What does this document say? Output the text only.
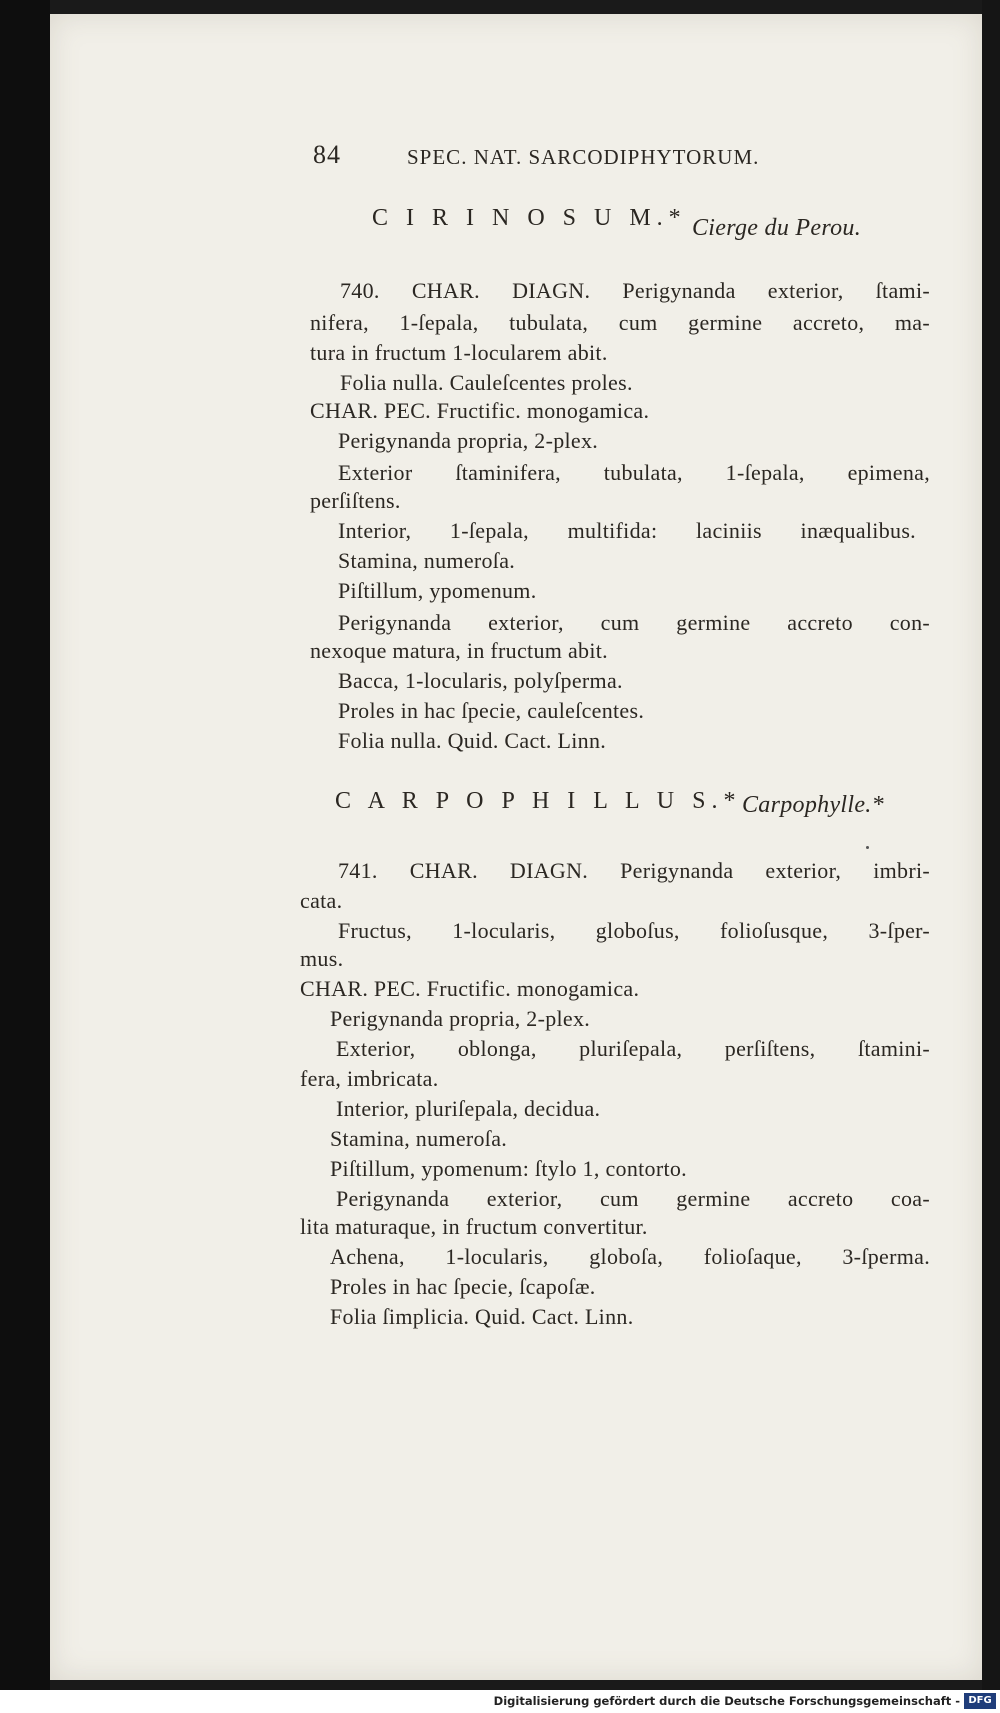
84	SPEC. NAT. SARCODIPHYTORUM.
C I R I N O S U M.* Cierge du Perou.
740. CHAR. DIAGN. Perigynanda exterior, ſtami-
nifera, 1-ſepala, tubulata, cum germine accreto, ma-
tura in fructum 1-locularem abit.
Folia nulla. Cauleſcentes proles.
CHAR. PEC. Fructific. monogamica.
Perigynanda propria, 2-plex.
Exterior ſtaminifera, tubulata, 1-ſepala, epimena,
perſiſtens.
Interior, 1-ſepala, multifida: laciniis inæqualibus.
Stamina, numeroſa.
Piſtillum, ypomenum.
Perigynanda exterior, cum germine accreto con-
nexoque matura, in fructum abit.
Bacca, 1-locularis, polyſperma.
Proles in hac ſpecie, cauleſcentes.
Folia nulla. Quid. Cact. Linn.
C A R P O P H I L L U S.* Carpophylle.*
741. CHAR. DIAGN. Perigynanda exterior, imbri-
cata.
Fructus, 1-locularis, globoſus, folioſusque, 3-ſper-
mus.
CHAR. PEC. Fructific. monogamica.
Perigynanda propria, 2-plex.
Exterior, oblonga, pluriſepala, perſiſtens, ſtamini-
fera, imbricata.
Interior, pluriſepala, decidua.
Stamina, numeroſa.
Piſtillum, ypomenum: ſtylo 1, contorto.
Perigynanda exterior, cum germine accreto coa-
lita maturaque, in fructum convertitur.
Achena, 1-locularis, globoſa, folioſaque, 3-ſperma.
Proles in hac ſpecie, ſcapoſæ.
Folia ſimplicia. Quid. Cact. Linn.
Digitalisierung gefördert durch die Deutsche Forschungsgemeinschaft - DFG
